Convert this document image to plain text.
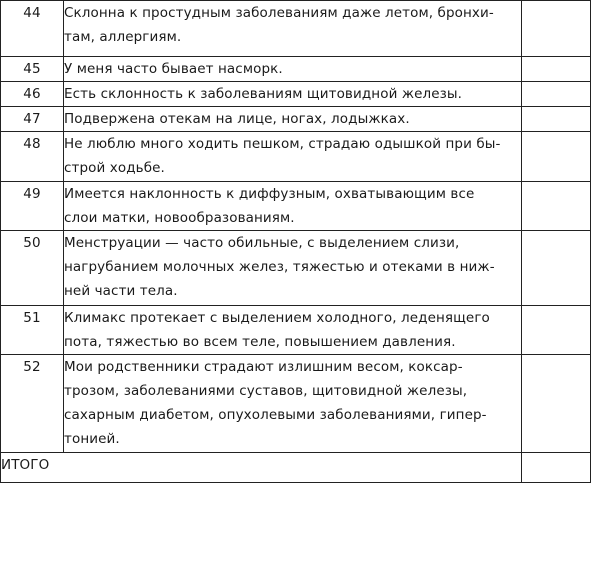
44	Склонна к простудным заболеваниям даже летом, бронхи-
там, аллергиям.	
45	У меня часто бывает насморк.	
46	Есть склонность к заболеваниям щитовидной железы.	
47	Подвержена отекам на лице, ногах, лодыжках.	
48	Не люблю много ходить пешком, страдаю одышкой при бы-
строй ходьбе.	
49	Имеется наклонность к диффузным, охватывающим все
слои матки, новообразованиям.	
50	Менструации — часто обильные, с выделением слизи,
нагрубанием молочных желез, тяжестью и отеками в ниж-
ней части тела.	
51	Климакс протекает с выделением холодного, леденящего
пота, тяжестью во всем теле, повышением давления.	
52	Мои родственники страдают излишним весом, коксар-
трозом, заболеваниями суставов, щитовидной железы,
сахарным диабетом, опухолевыми заболеваниями, гипер-
тонией.	
ИТОГО		
